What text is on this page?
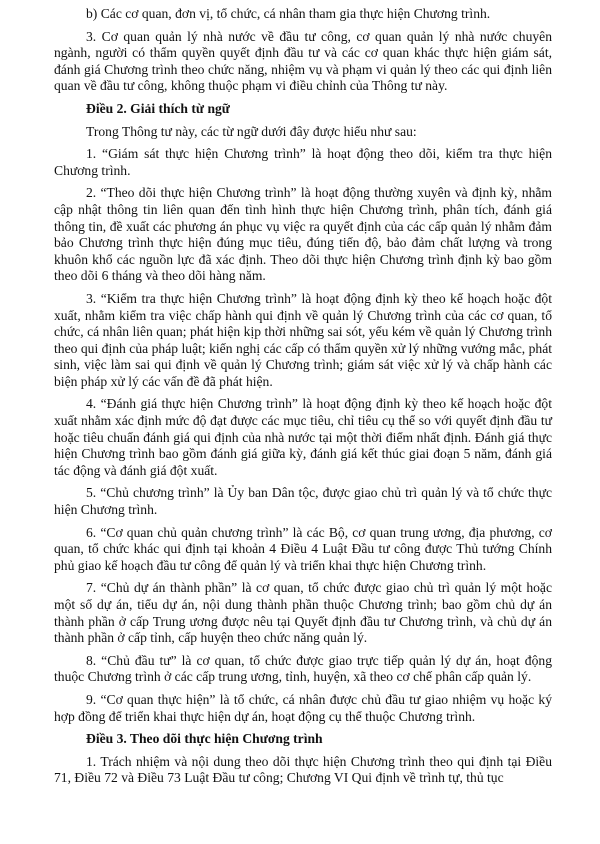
b) Các cơ quan, đơn vị, tổ chức, cá nhân tham gia thực hiện Chương trình.

3. Cơ quan quản lý nhà nước về đầu tư công, cơ quan quản lý nhà nước chuyên ngành, người có thẩm quyền quyết định đầu tư và các cơ quan khác thực hiện giám sát, đánh giá Chương trình theo chức năng, nhiệm vụ và phạm vi quản lý theo các qui định liên quan về đầu tư công, không thuộc phạm vi điều chỉnh của Thông tư này.

Điều 2. Giải thích từ ngữ

Trong Thông tư này, các từ ngữ dưới đây được hiểu như sau:

1. “Giám sát thực hiện Chương trình” là hoạt động theo dõi, kiểm tra thực hiện Chương trình.

2. “Theo dõi thực hiện Chương trình” là hoạt động thường xuyên và định kỳ, nhằm cập nhật thông tin liên quan đến tình hình thực hiện Chương trình, phân tích, đánh giá thông tin, đề xuất các phương án phục vụ việc ra quyết định của các cấp quản lý nhằm đảm bảo Chương trình thực hiện đúng mục tiêu, đúng tiến độ, bảo đảm chất lượng và trong khuôn khổ các nguồn lực đã xác định. Theo dõi thực hiện Chương trình định kỳ bao gồm theo dõi 6 tháng và theo dõi hàng năm.

3. “Kiểm tra thực hiện Chương trình” là hoạt động định kỳ theo kế hoạch hoặc đột xuất, nhằm kiểm tra việc chấp hành qui định về quản lý Chương trình của các cơ quan, tổ chức, cá nhân liên quan; phát hiện kịp thời những sai sót, yếu kém về quản lý Chương trình theo qui định của pháp luật; kiến nghị các cấp có thẩm quyền xử lý những vướng mắc, phát sinh, việc làm sai qui định về quản lý Chương trình; giám sát việc xử lý và chấp hành các biện pháp xử lý các vấn đề đã phát hiện.

4. “Đánh giá thực hiện Chương trình” là hoạt động định kỳ theo kế hoạch hoặc đột xuất nhằm xác định mức độ đạt được các mục tiêu, chỉ tiêu cụ thể so với quyết định đầu tư hoặc tiêu chuẩn đánh giá qui định của nhà nước tại một thời điểm nhất định. Đánh giá thực hiện Chương trình bao gồm đánh giá giữa kỳ, đánh giá kết thúc giai đoạn 5 năm, đánh giá tác động và đánh giá đột xuất.

5. “Chủ chương trình” là Ủy ban Dân tộc, được giao chủ trì quản lý và tổ chức thực hiện Chương trình.

6. “Cơ quan chủ quản chương trình” là các Bộ, cơ quan trung ương, địa phương, cơ quan, tổ chức khác qui định tại khoản 4 Điều 4 Luật Đầu tư công được Thủ tướng Chính phủ giao kế hoạch đầu tư công để quản lý và triển khai thực hiện Chương trình.

7. “Chủ dự án thành phần” là cơ quan, tổ chức được giao chủ trì quản lý một hoặc một số dự án, tiểu dự án, nội dung thành phần thuộc Chương trình; bao gồm chủ dự án thành phần ở cấp Trung ương được nêu tại Quyết định đầu tư Chương trình, và chủ dự án thành phần ở cấp tỉnh, cấp huyện theo chức năng quản lý.

8. “Chủ đầu tư” là cơ quan, tổ chức được giao trực tiếp quản lý dự án, hoạt động thuộc Chương trình ở các cấp trung ương, tỉnh, huyện, xã theo cơ chế phân cấp quản lý.

9. “Cơ quan thực hiện” là tổ chức, cá nhân được chủ đầu tư giao nhiệm vụ hoặc ký hợp đồng để triển khai thực hiện dự án, hoạt động cụ thể thuộc Chương trình.

Điều 3. Theo dõi thực hiện Chương trình

1. Trách nhiệm và nội dung theo dõi thực hiện Chương trình theo qui định tại Điều 71, Điều 72 và Điều 73 Luật Đầu tư công; Chương VI Qui định về trình tự, thủ tục
